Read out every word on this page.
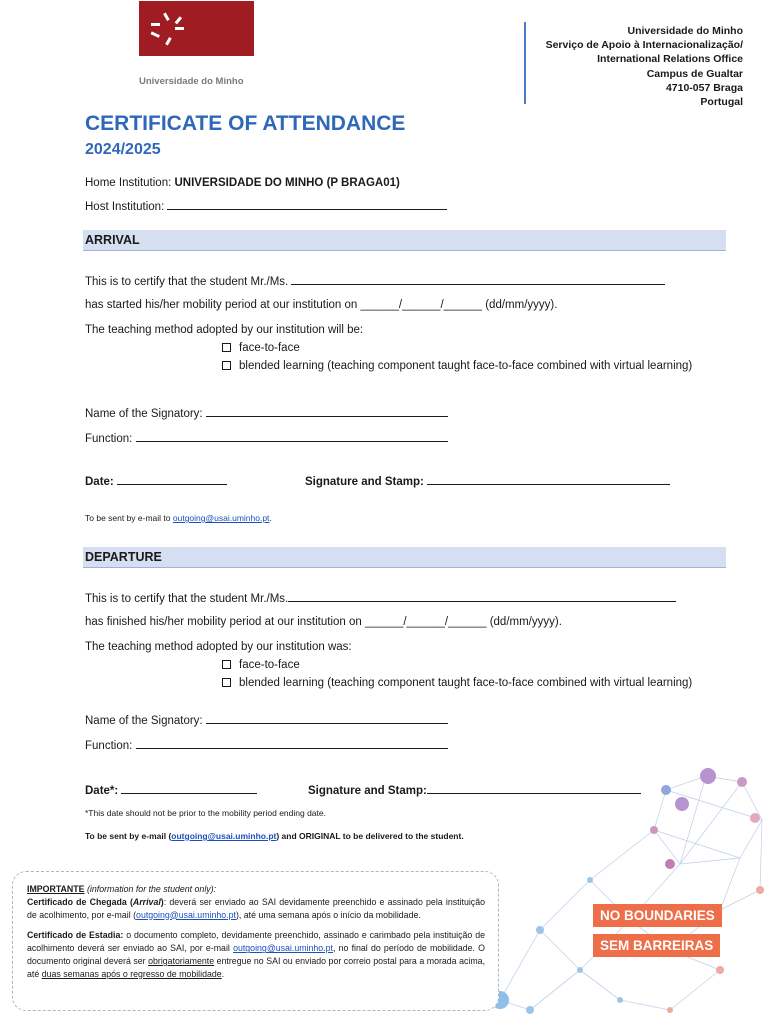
Universidade do Minho
Universidade do Minho
Serviço de Apoio à Internacionalização/
International Relations Office
Campus de Gualtar
4710-057 Braga
Portugal
CERTIFICATE OF ATTENDANCE
2024/2025
Home Institution: UNIVERSIDADE DO MINHO (P BRAGA01)
Host Institution:
ARRIVAL
This is to certify that the student Mr./Ms.
has started his/her mobility period at our institution on ______/______/______ (dd/mm/yyyy).
The teaching method adopted by our institution will be:
face-to-face
blended learning (teaching component taught face-to-face combined with virtual learning)
Name of the Signatory:
Function:
Date:	Signature and Stamp:
To be sent by e-mail to outgoing@usai.uminho.pt.
DEPARTURE
This is to certify that the student Mr./Ms.
has finished his/her mobility period at our institution on ______/______/______ (dd/mm/yyyy).
The teaching method adopted by our institution was:
face-to-face
blended learning (teaching component taught face-to-face combined with virtual learning)
Name of the Signatory:
Function:
Date*:	Signature and Stamp:
*This date should not be prior to the mobility period ending date.
To be sent by e-mail (outgoing@usai.uminho.pt) and ORIGINAL to be delivered to the student.
NO BOUNDARIES
SEM BARREIRAS
IMPORTANTE (information for the student only):
Certificado de Chegada (Arrival): deverá ser enviado ao SAI devidamente preenchido e assinado pela instituição de acolhimento, por e-mail (outgoing@usai.uminho.pt), até uma semana após o início da mobilidade.
Certificado de Estadia: o documento completo, devidamente preenchido, assinado e carimbado pela instituição de acolhimento deverá ser enviado ao SAI, por e-mail outgoing@usai.uminho.pt, no final do período de mobilidade. O documento original deverá ser obrigatoriamente entregue no SAI ou enviado por correio postal para a morada acima, até duas semanas após o regresso de mobilidade.
